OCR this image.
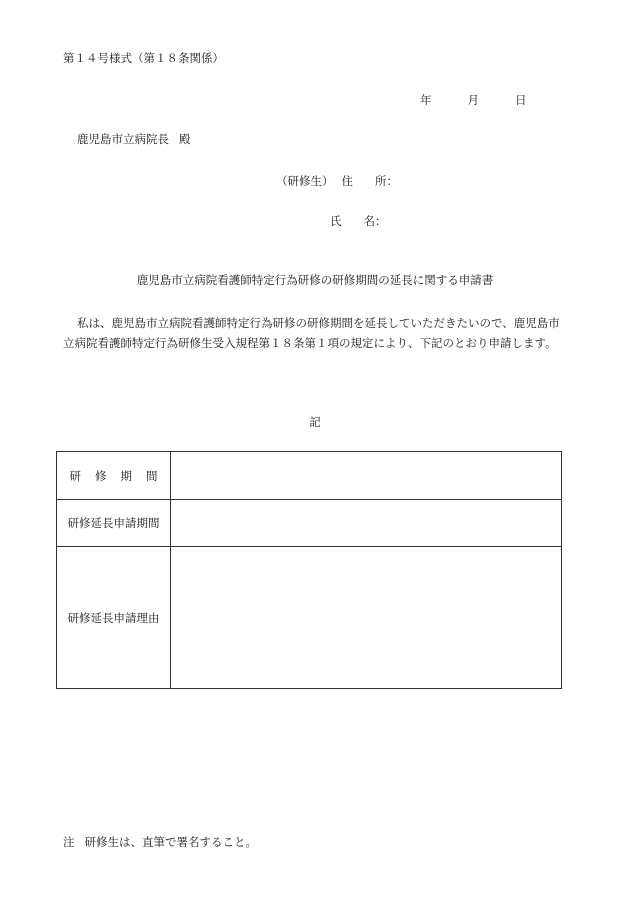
第１４号様式（第１８条関係）
年	月	日
鹿児島市立病院長 殿
（研修生） 住 所：
氏 名：
鹿児島市立病院看護師特定行為研修の研修期間の延長に関する申請書
私は、鹿児島市立病院看護師特定行為研修の研修期間を延長していただきたいので、鹿児島市立病院看護師特定行為研修生受入規程第１８条第１項の規定により、下記のとおり申請します。
記
研 修 期 間	
研修延長申請期間	
研修延長申請理由	
注 研修生は、直筆で署名すること。
